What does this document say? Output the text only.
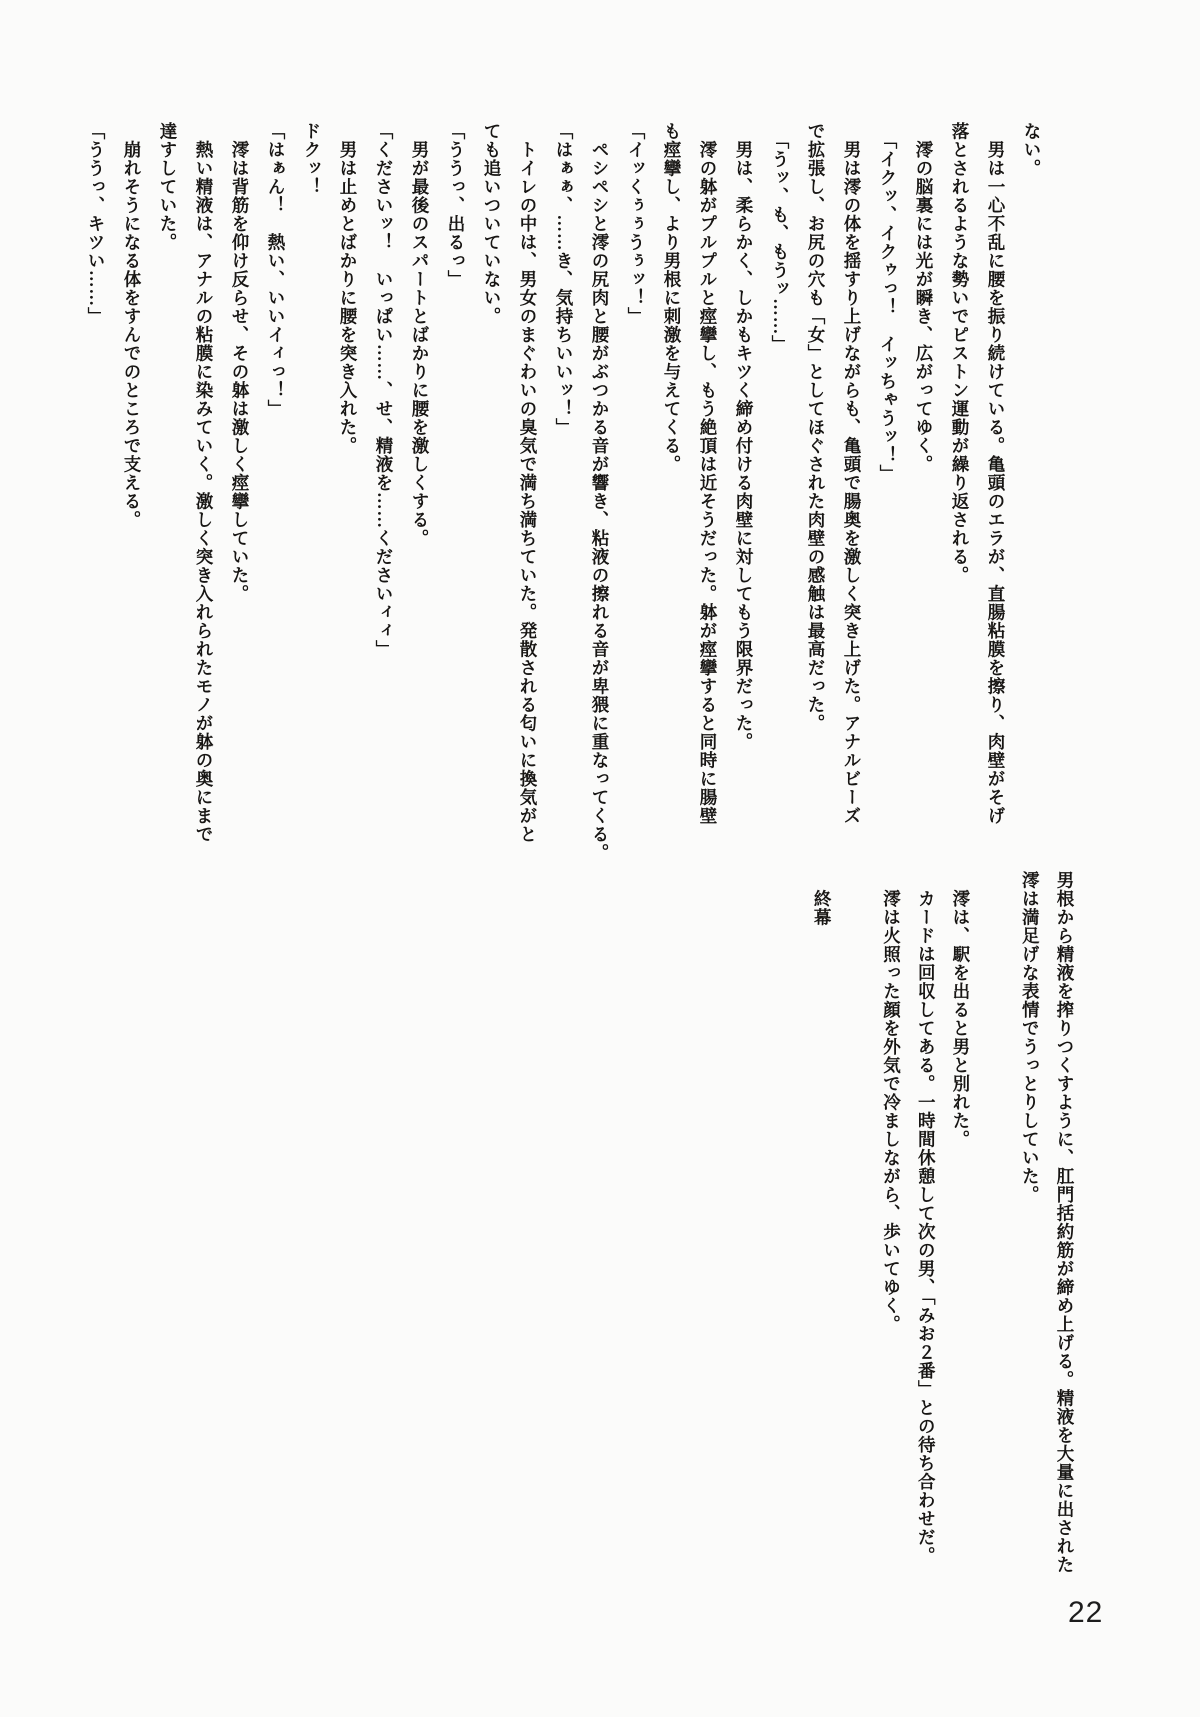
ない。

　男は一心不乱に腰を振り続けている。亀頭のエラが、直腸粘膜を擦り、肉壁がそげ

落とされるような勢いでピストン運動が繰り返される。

　澪の脳裏には光が瞬き、広がってゆく。

　「イクッ、イクゥっ！　イッちゃうッ！」

　男は澪の体を揺すり上げながらも、亀頭で腸奥を激しく突き上げた。アナルビーズ

で拡張し、お尻の穴も「女」としてほぐされた肉壁の感触は最高だった。

　「うッ、も、もうッ……」

　男は、柔らかく、しかもキツく締め付ける肉壁に対してもう限界だった。

　澪の躰がプルプルと痙攣し、もう絶頂は近そうだった。躰が痙攣すると同時に腸壁

も痙攣し、より男根に刺激を与えてくる。

「イッくぅぅうぅッ！」

　ペシペシと澪の尻肉と腰がぶつかる音が響き、粘液の擦れる音が卑猥に重なってくる。

「はぁぁ、……き、気持ちいいッ！」

　トイレの中は、男女のまぐわいの臭気で満ち満ちていた。発散される匂いに換気がと

ても追いついていない。

「ううっ、出るっ」

　男が最後のスパートとばかりに腰を激しくする。

「くださいッ！　いっぱい……、せ、精液を……くださいィィ」

　男は止めとばかりに腰を突き入れた。

ドクッ！

「はぁん！　熱い、いいイィっ！」

　澪は背筋を仰け反らせ、その躰は激しく痙攣していた。

　熱い精液は、アナルの粘膜に染みていく。激しく突き入れられたモノが躰の奥にまで

達すしていた。

　崩れそうになる体をすんでのところで支える。

「ううっ、キツい……」

男根から精液を搾りつくすように、肛門括約筋が締め上げる。精液を大量に出された

澪は満足げな表情でうっとりしていた。

　澪は、駅を出ると男と別れた。

　カードは回収してある。一時間休憩して次の男、「みお２番」との待ち合わせだ。

　澪は火照った顔を外気で冷ましながら、歩いてゆく。

　終幕

22
